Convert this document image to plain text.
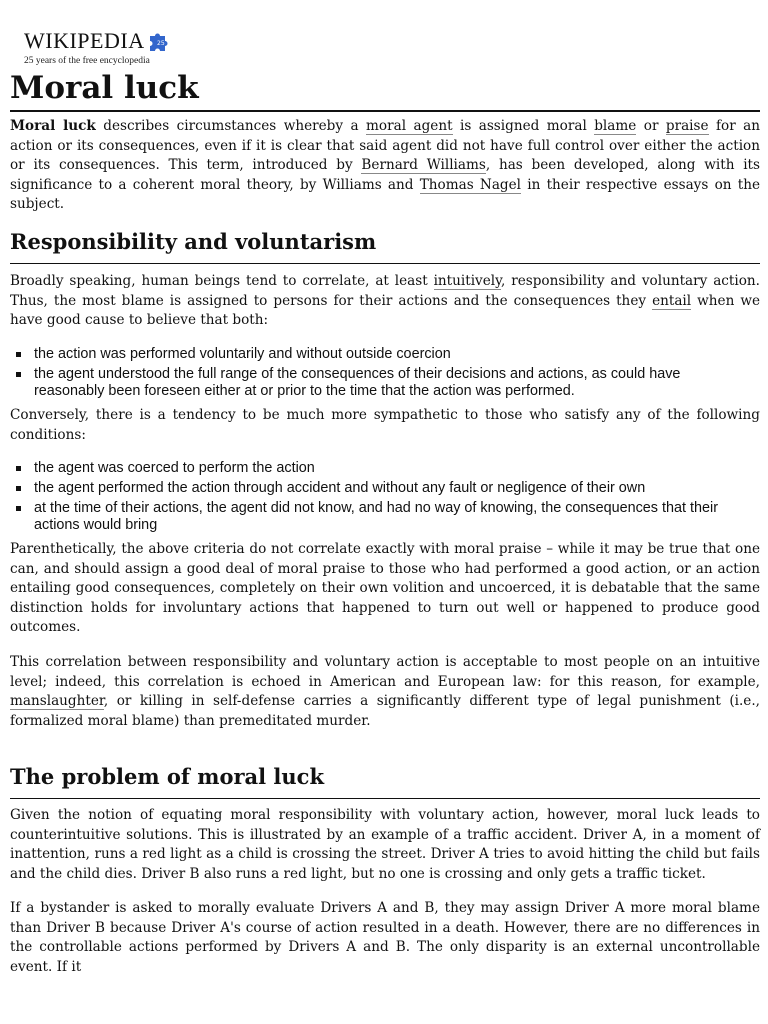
WIKIPEDIA 25
25 years of the free encyclopedia
Moral luck

Moral luck describes circumstances whereby a moral agent is assigned moral blame or praise for an action or its consequences, even if it is clear that said agent did not have full control over either the action or its consequences. This term, introduced by Bernard Williams, has been developed, along with its significance to a coherent moral theory, by Williams and Thomas Nagel in their respective essays on the subject.

Responsibility and voluntarism

Broadly speaking, human beings tend to correlate, at least intuitively, responsibility and voluntary action. Thus, the most blame is assigned to persons for their actions and the consequences they entail when we have good cause to believe that both:

the action was performed voluntarily and without outside coercion
the agent understood the full range of the consequences of their decisions and actions, as could have reasonably been foreseen either at or prior to the time that the action was performed.

Conversely, there is a tendency to be much more sympathetic to those who satisfy any of the following conditions:

the agent was coerced to perform the action
the agent performed the action through accident and without any fault or negligence of their own
at the time of their actions, the agent did not know, and had no way of knowing, the consequences that their actions would bring

Parenthetically, the above criteria do not correlate exactly with moral praise – while it may be true that one can, and should assign a good deal of moral praise to those who had performed a good action, or an action entailing good consequences, completely on their own volition and uncoerced, it is debatable that the same distinction holds for involuntary actions that happened to turn out well or happened to produce good outcomes.

This correlation between responsibility and voluntary action is acceptable to most people on an intuitive level; indeed, this correlation is echoed in American and European law: for this reason, for example, manslaughter, or killing in self-defense carries a significantly different type of legal punishment (i.e., formalized moral blame) than premeditated murder.

The problem of moral luck

Given the notion of equating moral responsibility with voluntary action, however, moral luck leads to counterintuitive solutions. This is illustrated by an example of a traffic accident. Driver A, in a moment of inattention, runs a red light as a child is crossing the street. Driver A tries to avoid hitting the child but fails and the child dies. Driver B also runs a red light, but no one is crossing and only gets a traffic ticket.

If a bystander is asked to morally evaluate Drivers A and B, they may assign Driver A more moral blame than Driver B because Driver A's course of action resulted in a death. However, there are no differences in the controllable actions performed by Drivers A and B. The only disparity is an external uncontrollable event. If it
